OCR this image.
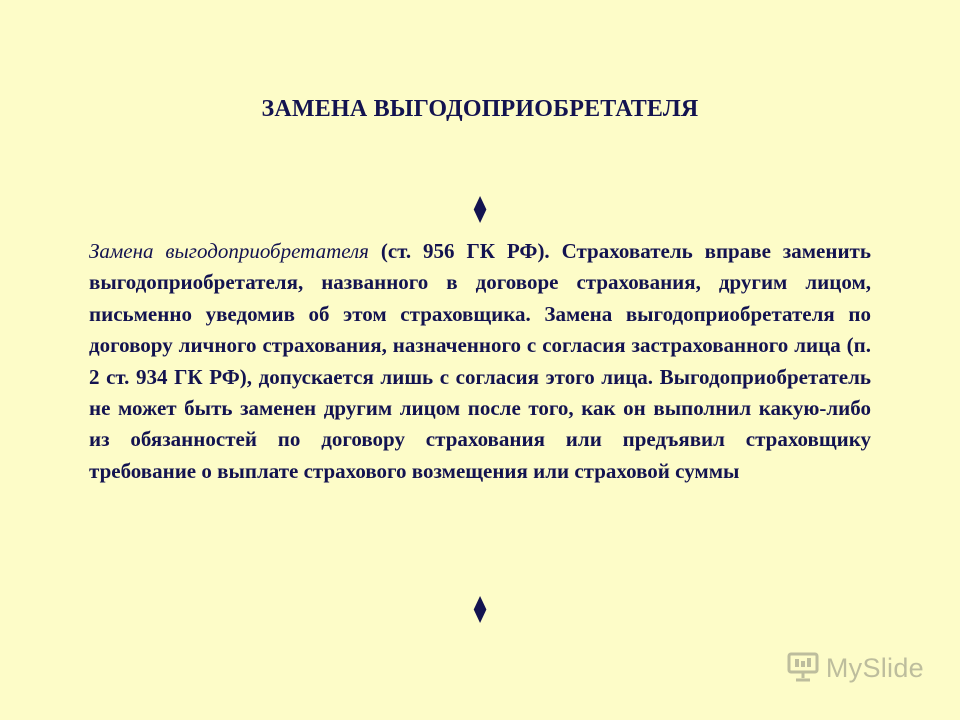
ЗАМЕНА ВЫГОДОПРИОБРЕТАТЕЛЯ
⧫
Замена выгодоприобретателя (ст. 956 ГК РФ). Страхователь вправе заменить выгодоприобретателя, названного в договоре страхования, другим лицом, письменно уведомив об этом страховщика. Замена выгодоприобретателя по договору личного страхования, назначенного с согласия застрахованного лица (п. 2 ст. 934 ГК РФ), допускается лишь с согласия этого лица. Выгодоприобретатель не может быть заменен другим лицом после того, как он выполнил какую-либо из обязанностей по договору страхования или предъявил страховщику требование о выплате страхового возмещения или страховой суммы
⧫
MySlide
